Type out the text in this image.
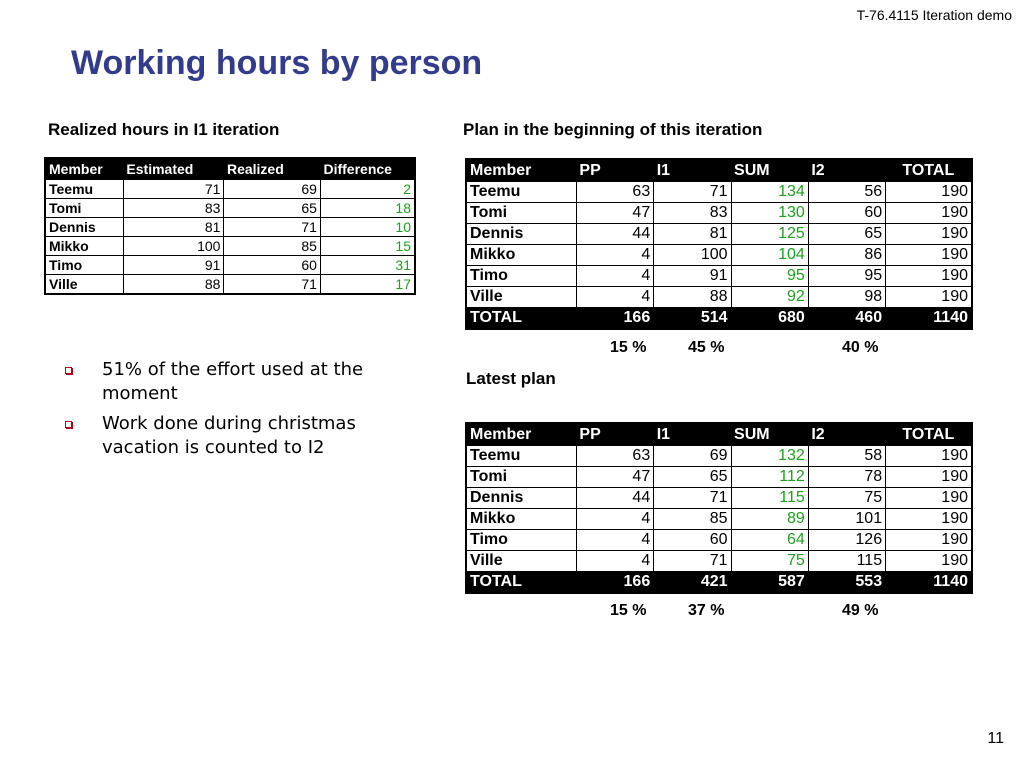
T-76.4115 Iteration demo
Working hours by person
Realized hours in I1 iteration
Member	Estimated	Realized	Difference
Teemu	71	69	2
Tomi	83	65	18
Dennis	81	71	10
Mikko	100	85	15
Timo	91	60	31
Ville	88	71	17
Plan in the beginning of this iteration
Member	PP	I1	SUM	I2	TOTAL
Teemu	63	71	134	56	190
Tomi	47	83	130	60	190
Dennis	44	81	125	65	190
Mikko	4	100	104	86	190
Timo	4	91	95	95	190
Ville	4	88	92	98	190
TOTAL	166	514	680	460	1140
15 %	45 %	40 %
Latest plan
Member	PP	I1	SUM	I2	TOTAL
Teemu	63	69	132	58	190
Tomi	47	65	112	78	190
Dennis	44	71	115	75	190
Mikko	4	85	89	101	190
Timo	4	60	64	126	190
Ville	4	71	75	115	190
TOTAL	166	421	587	553	1140
15 %	37 %	49 %
51% of the effort used at the moment
Work done during christmas vacation is counted to I2
11
